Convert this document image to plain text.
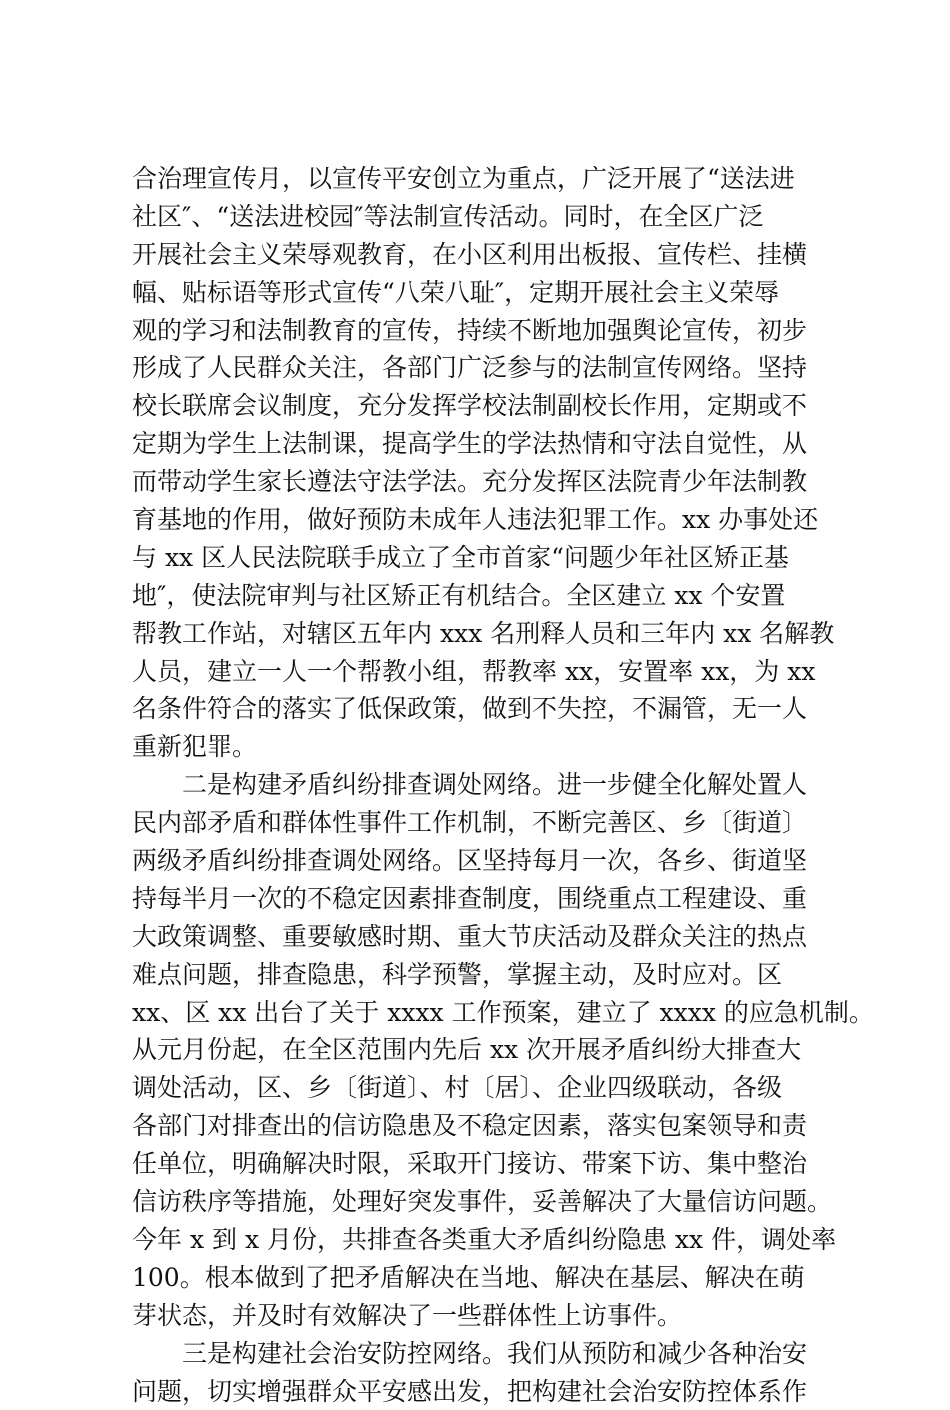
合治理宣传月，以宣传平安创立为重点，广泛开展了“送法进
社区″、“送法进校园″等法制宣传活动。同时，在全区广泛
开展社会主义荣辱观教育，在小区利用出板报、宣传栏、挂横
幅、贴标语等形式宣传“八荣八耻″，定期开展社会主义荣辱
观的学习和法制教育的宣传，持续不断地加强舆论宣传，初步
形成了人民群众关注，各部门广泛参与的法制宣传网络。坚持
校长联席会议制度，充分发挥学校法制副校长作用，定期或不
定期为学生上法制课，提高学生的学法热情和守法自觉性，从
而带动学生家长遵法守法学法。充分发挥区法院青少年法制教
育基地的作用，做好预防未成年人违法犯罪工作。xx 办事处还
与 xx 区人民法院联手成立了全市首家“问题少年社区矫正基
地″，使法院审判与社区矫正有机结合。全区建立 xx 个安置
帮教工作站，对辖区五年内 xxx 名刑释人员和三年内 xx 名解教
人员，建立一人一个帮教小组，帮教率 xx，安置率 xx，为 xx
名条件符合的落实了低保政策，做到不失控，不漏管，无一人
重新犯罪。
　　二是构建矛盾纠纷排查调处网络。进一步健全化解处置人
民内部矛盾和群体性事件工作机制，不断完善区、乡〔街道〕
两级矛盾纠纷排查调处网络。区坚持每月一次，各乡、街道坚
持每半月一次的不稳定因素排查制度，围绕重点工程建设、重
大政策调整、重要敏感时期、重大节庆活动及群众关注的热点
难点问题，排查隐患，科学预警，掌握主动，及时应对。区
xx、区 xx 出台了关于 xxxx 工作预案，建立了 xxxx 的应急机制。
从元月份起，在全区范围内先后 xx 次开展矛盾纠纷大排查大
调处活动，区、乡〔街道〕、村〔居〕、企业四级联动，各级
各部门对排查出的信访隐患及不稳定因素，落实包案领导和责
任单位，明确解决时限，采取开门接访、带案下访、集中整治
信访秩序等措施，处理好突发事件，妥善解决了大量信访问题。
今年 x 到 x 月份，共排查各类重大矛盾纠纷隐患 xx 件，调处率
100。根本做到了把矛盾解决在当地、解决在基层、解决在萌
芽状态，并及时有效解决了一些群体性上访事件。
　　三是构建社会治安防控网络。我们从预防和减少各种治安
问题，切实增强群众平安感出发，把构建社会治安防控体系作
